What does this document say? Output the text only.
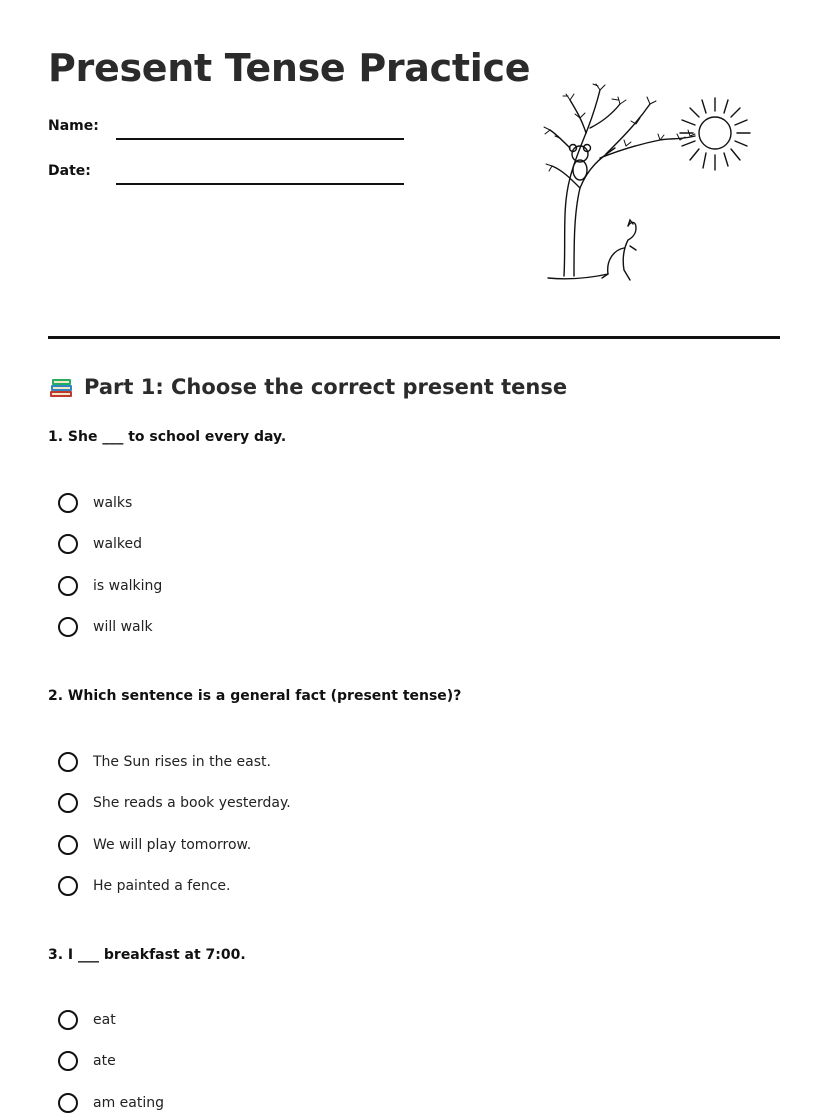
Present Tense Practice
Name:
Date:
Part 1: Choose the correct present tense
1. She ___ to school every day.
walks
walked
is walking
will walk
2. Which sentence is a general fact (present tense)?
The Sun rises in the east.
She reads a book yesterday.
We will play tomorrow.
He painted a fence.
3. I ___ breakfast at 7:00.
eat
ate
am eating
